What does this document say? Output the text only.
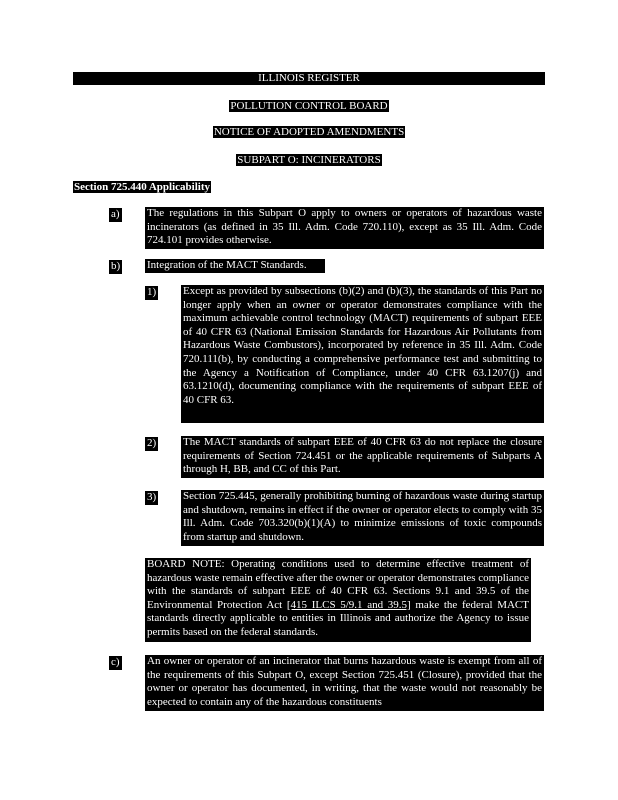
ILLINOIS REGISTER
POLLUTION CONTROL BOARD
NOTICE OF ADOPTED AMENDMENTS
SUBPART O: INCINERATORS
Section 725.440 Applicability
a) The regulations in this Subpart O apply to owners or operators of hazardous waste incinerators (as defined in 35 Ill. Adm. Code 720.110), except as 35 Ill. Adm. Code 724.101 provides otherwise.
b) Integration of the MACT Standards.
1) Except as provided by subsections (b)(2) and (b)(3), the standards of this Part no longer apply when an owner or operator demonstrates compliance with the maximum achievable control technology (MACT) requirements of subpart EEE of 40 CFR 63 (National Emission Standards for Hazardous Air Pollutants from Hazardous Waste Combustors), incorporated by reference in 35 Ill. Adm. Code 720.111(b), by conducting a comprehensive performance test and submitting to the Agency a Notification of Compliance, under 40 CFR 63.1207(j) and 63.1210(d), documenting compliance with the requirements of subpart EEE of 40 CFR 63.
2) The MACT standards of subpart EEE of 40 CFR 63 do not replace the closure requirements of Section 724.451 or the applicable requirements of Subparts A through H, BB, and CC of this Part.
3) Section 725.445, generally prohibiting burning of hazardous waste during startup and shutdown, remains in effect if the owner or operator elects to comply with 35 Ill. Adm. Code 703.320(b)(1)(A) to minimize emissions of toxic compounds from startup and shutdown.
BOARD NOTE: Operating conditions used to determine effective treatment of hazardous waste remain effective after the owner or operator demonstrates compliance with the standards of subpart EEE of 40 CFR 63. Sections 9.1 and 39.5 of the Environmental Protection Act [415 ILCS 5/9.1 and 39.5] make the federal MACT standards directly applicable to entities in Illinois and authorize the Agency to issue permits based on the federal standards.
c) An owner or operator of an incinerator that burns hazardous waste is exempt from all of the requirements of this Subpart O, except Section 725.451 (Closure), provided that the owner or operator has documented, in writing, that the waste would not reasonably be expected to contain any of the hazardous constituents
